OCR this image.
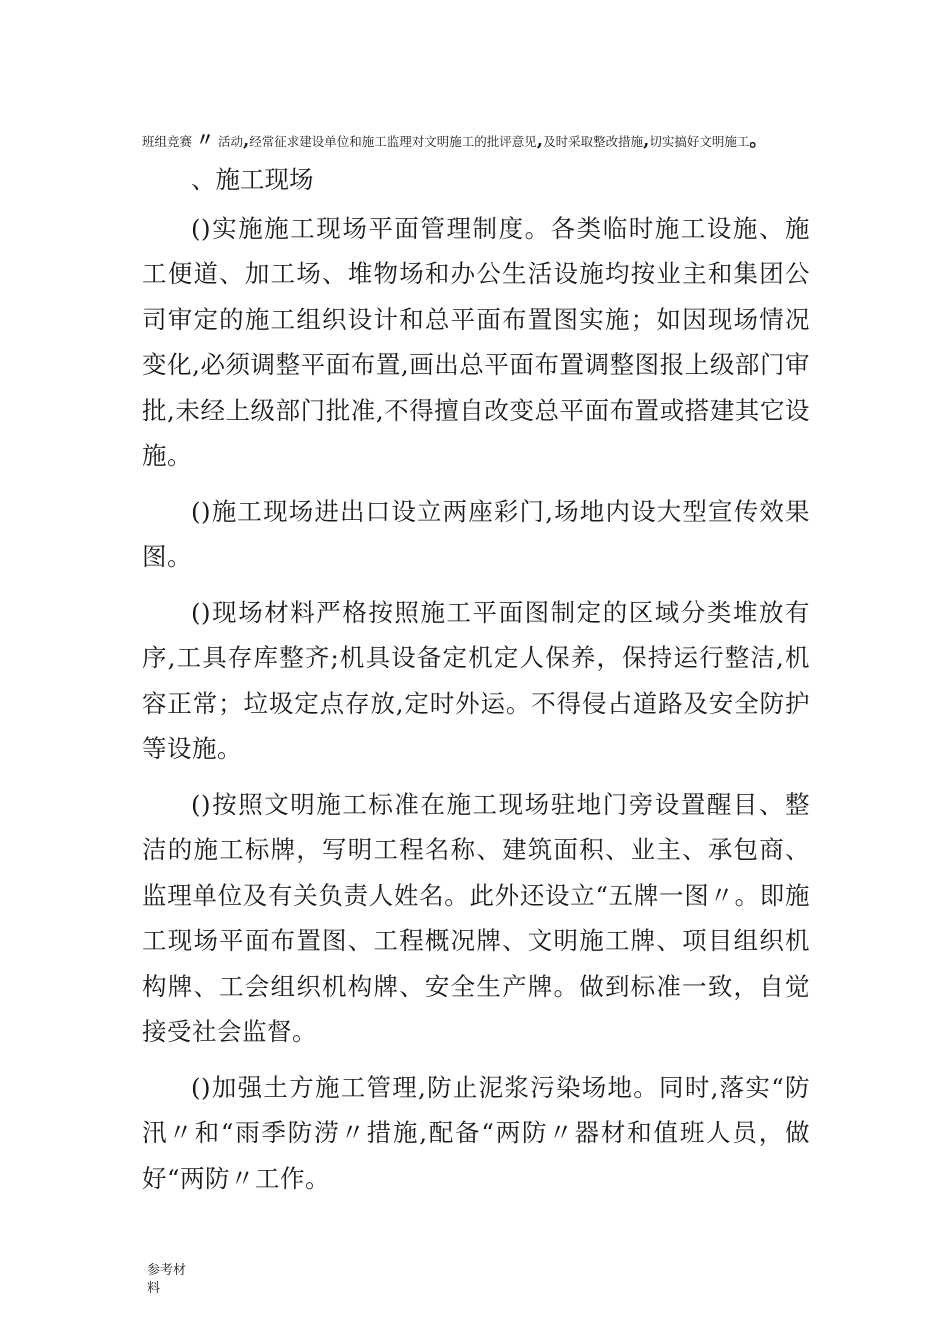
班组竞赛 〃 活动,经常征求建设单位和施工监理对文明施工的批评意见,及时采取整改措施,切实搞好文明施工。
、施工现场

()实施施工现场平面管理制度。各类临时施工设施、施工便道、加工场、堆物场和办公生活设施均按业主和集团公司审定的施工组织设计和总平面布置图实施；如因现场情况变化,必须调整平面布置,画出总平面布置调整图报上级部门审批,未经上级部门批准,不得擅自改变总平面布置或搭建其它设施。

()施工现场进出口设立两座彩门,场地内设大型宣传效果图。

()现场材料严格按照施工平面图制定的区域分类堆放有序,工具存库整齐;机具设备定机定人保养，保持运行整洁,机容正常；垃圾定点存放,定时外运。不得侵占道路及安全防护等设施。

()按照文明施工标准在施工现场驻地门旁设置醒目、整洁的施工标牌，写明工程名称、建筑面积、业主、承包商、监理单位及有关负责人姓名。此外还设立“五牌一图〃。即施工现场平面布置图、工程概况牌、文明施工牌、项目组织机构牌、工会组织机构牌、安全生产牌。做到标准一致，自觉接受社会监督。

()加强土方施工管理,防止泥浆污染场地。同时,落实“防汛〃和“雨季防涝〃措施,配备“两防〃器材和值班人员，做好“两防〃工作。

参考材
料
